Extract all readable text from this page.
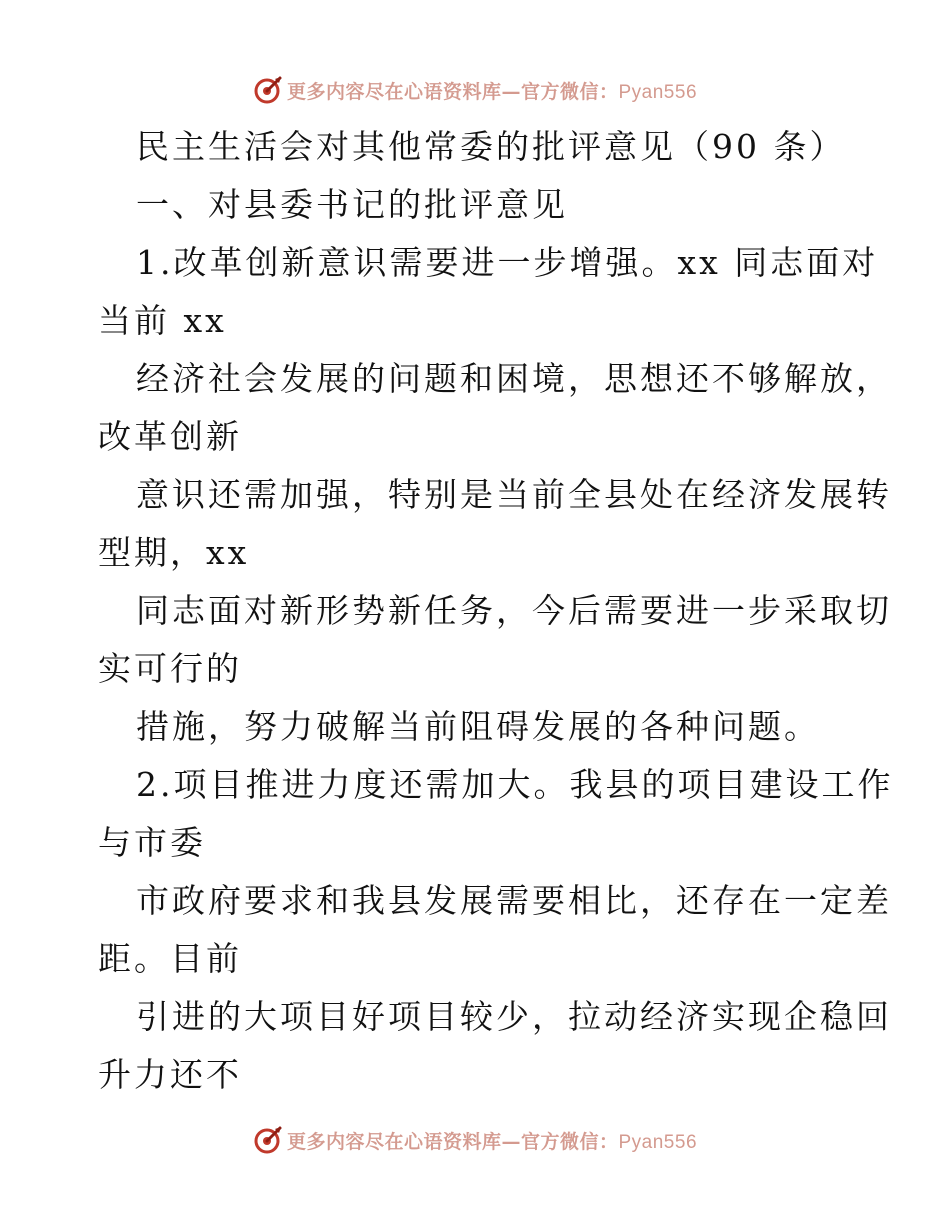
更多内容尽在心语资料库—官方微信：Pyan556
民主生活会对其他常委的批评意见（90 条）
一、对县委书记的批评意见
1.改革创新意识需要进一步增强。xx 同志面对
当前 xx
经济社会发展的问题和困境，思想还不够解放，
改革创新
意识还需加强，特别是当前全县处在经济发展转
型期，xx
同志面对新形势新任务，今后需要进一步采取切
实可行的
措施，努力破解当前阻碍发展的各种问题。
2.项目推进力度还需加大。我县的项目建设工作
与市委
市政府要求和我县发展需要相比，还存在一定差
距。目前
引进的大项目好项目较少，拉动经济实现企稳回
升力还不
更多内容尽在心语资料库—官方微信：Pyan556
